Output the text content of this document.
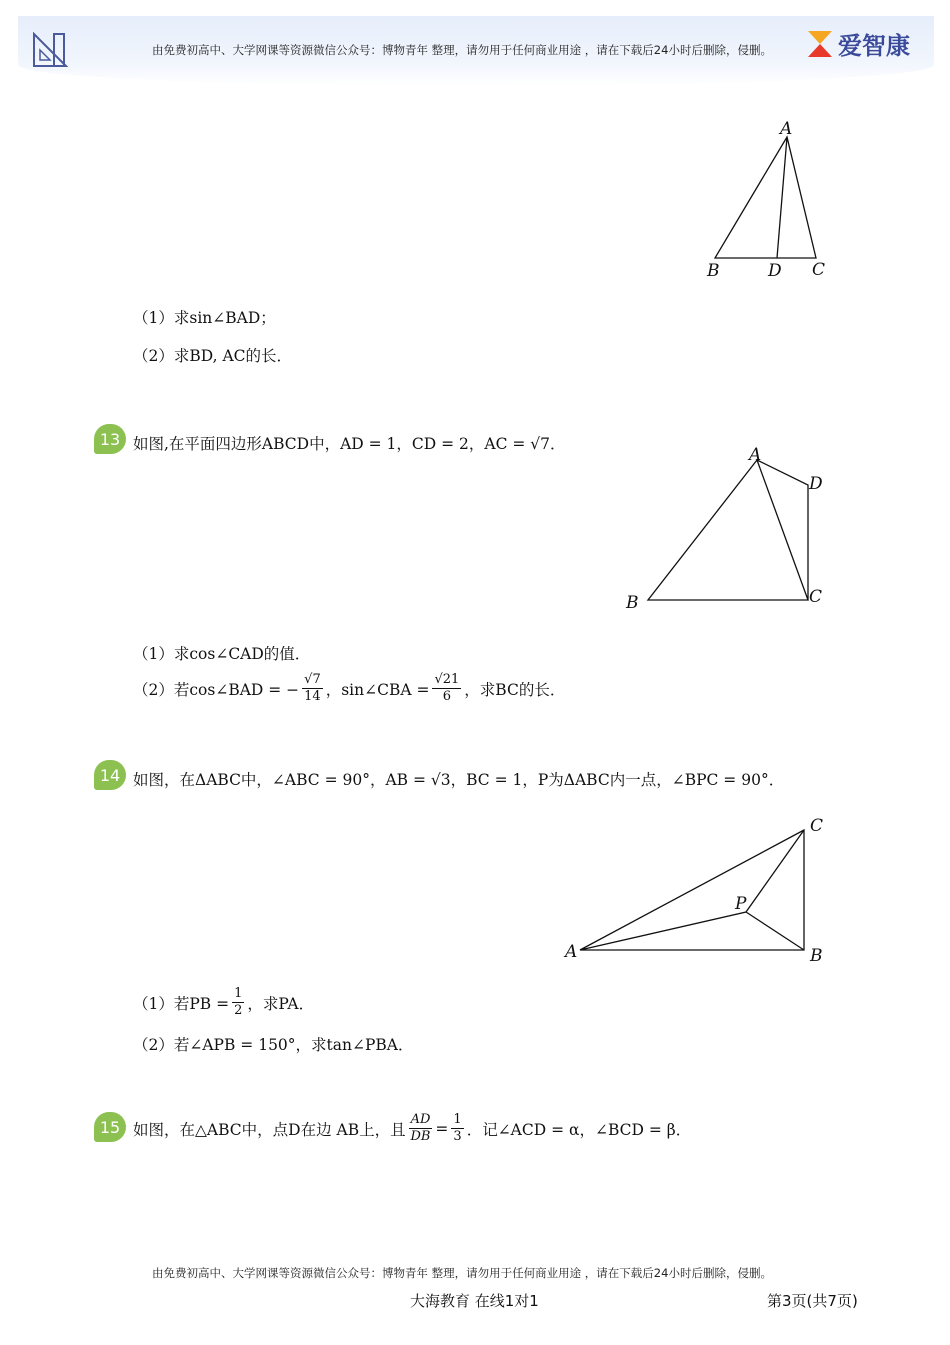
由免费初高中、大学网课等资源微信公众号：博物青年 整理，请勿用于任何商业用途 ，请在下载后24小时后删除，侵删。	爱智康
A
B	D C
A
D
C
B
C
P
A	B
（1）求sin∠BAD；
（2）求BD, AC的长．
13 如图,在平面四边形ABCD中，AD = 1，CD = 2，AC = √7．
（1）求cos∠CAD的值．
（2）若cos∠BAD = − $\frac{√7}{14}$ ，sin∠CBA = $\frac{√21}{6}$ ，求BC的长．
14 如图，在ΔABC中，∠ABC = 90°，AB = √3，BC = 1，P为ΔABC内一点，∠BPC = 90°．
（1）若PB = $\frac{1}{2}$ ，求PA．
（2）若∠APB = 150°，求tan∠PBA．
15 如图，在△ABC中，点D在边 AB上，且 $\frac{AD}{DB} = \frac{1}{3}$ ．记∠ACD = α，∠BCD = β．
由免费初高中、大学网课等资源微信公众号：博物青年 整理，请勿用于任何商业用途 ，请在下载后24小时后删除，侵删。
大海教育 在线1对1	第3页(共7页)
